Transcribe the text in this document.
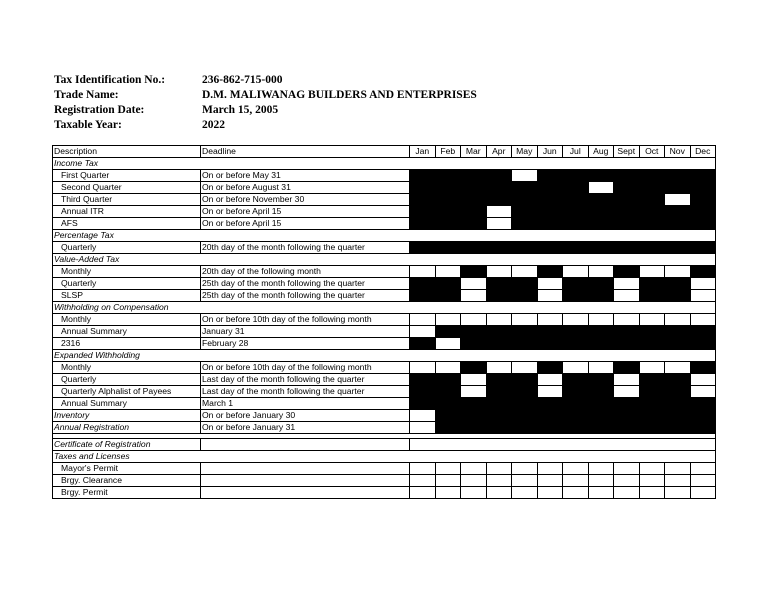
Tax Identification No.:	236-862-715-000
Trade Name:	D.M. MALIWANAG BUILDERS AND ENTERPRISES
Registration Date:	March 15, 2005
Taxable Year:	2022
Description	Deadline	Jan	Feb	Mar	Apr	May	Jun	Jul	Aug	Sept	Oct	Nov	Dec
Income Tax													
First Quarter	On or before May 31												
Second Quarter	On or before August 31												
Third Quarter	On or before November 30												
Annual ITR	On or before April 15												
AFS	On or before April 15												
Percentage Tax													
Quarterly	20th day of the month following the quarter												
Value-Added Tax													
Monthly	20th day of the following month												
Quarterly	25th day of the month following the quarter												
SLSP	25th day of the month following the quarter												
Withholding on Compensation													
Monthly	On or before 10th day of the following month												
Annual Summary	January 31												
2316	February 28												
Expanded Withholding													
Monthly	On or before 10th day of the following month												
Quarterly	Last day of the month following the quarter												
Quarterly Alphalist of Payees	Last day of the month following the quarter												
Annual Summary	March 1												
Inventory	On or before January 30												
Annual Registration	On or before January 31												

Certificate of Registration													
Taxes and Licenses													
Mayor's Permit													
Brgy. Clearance													
Brgy. Permit													
